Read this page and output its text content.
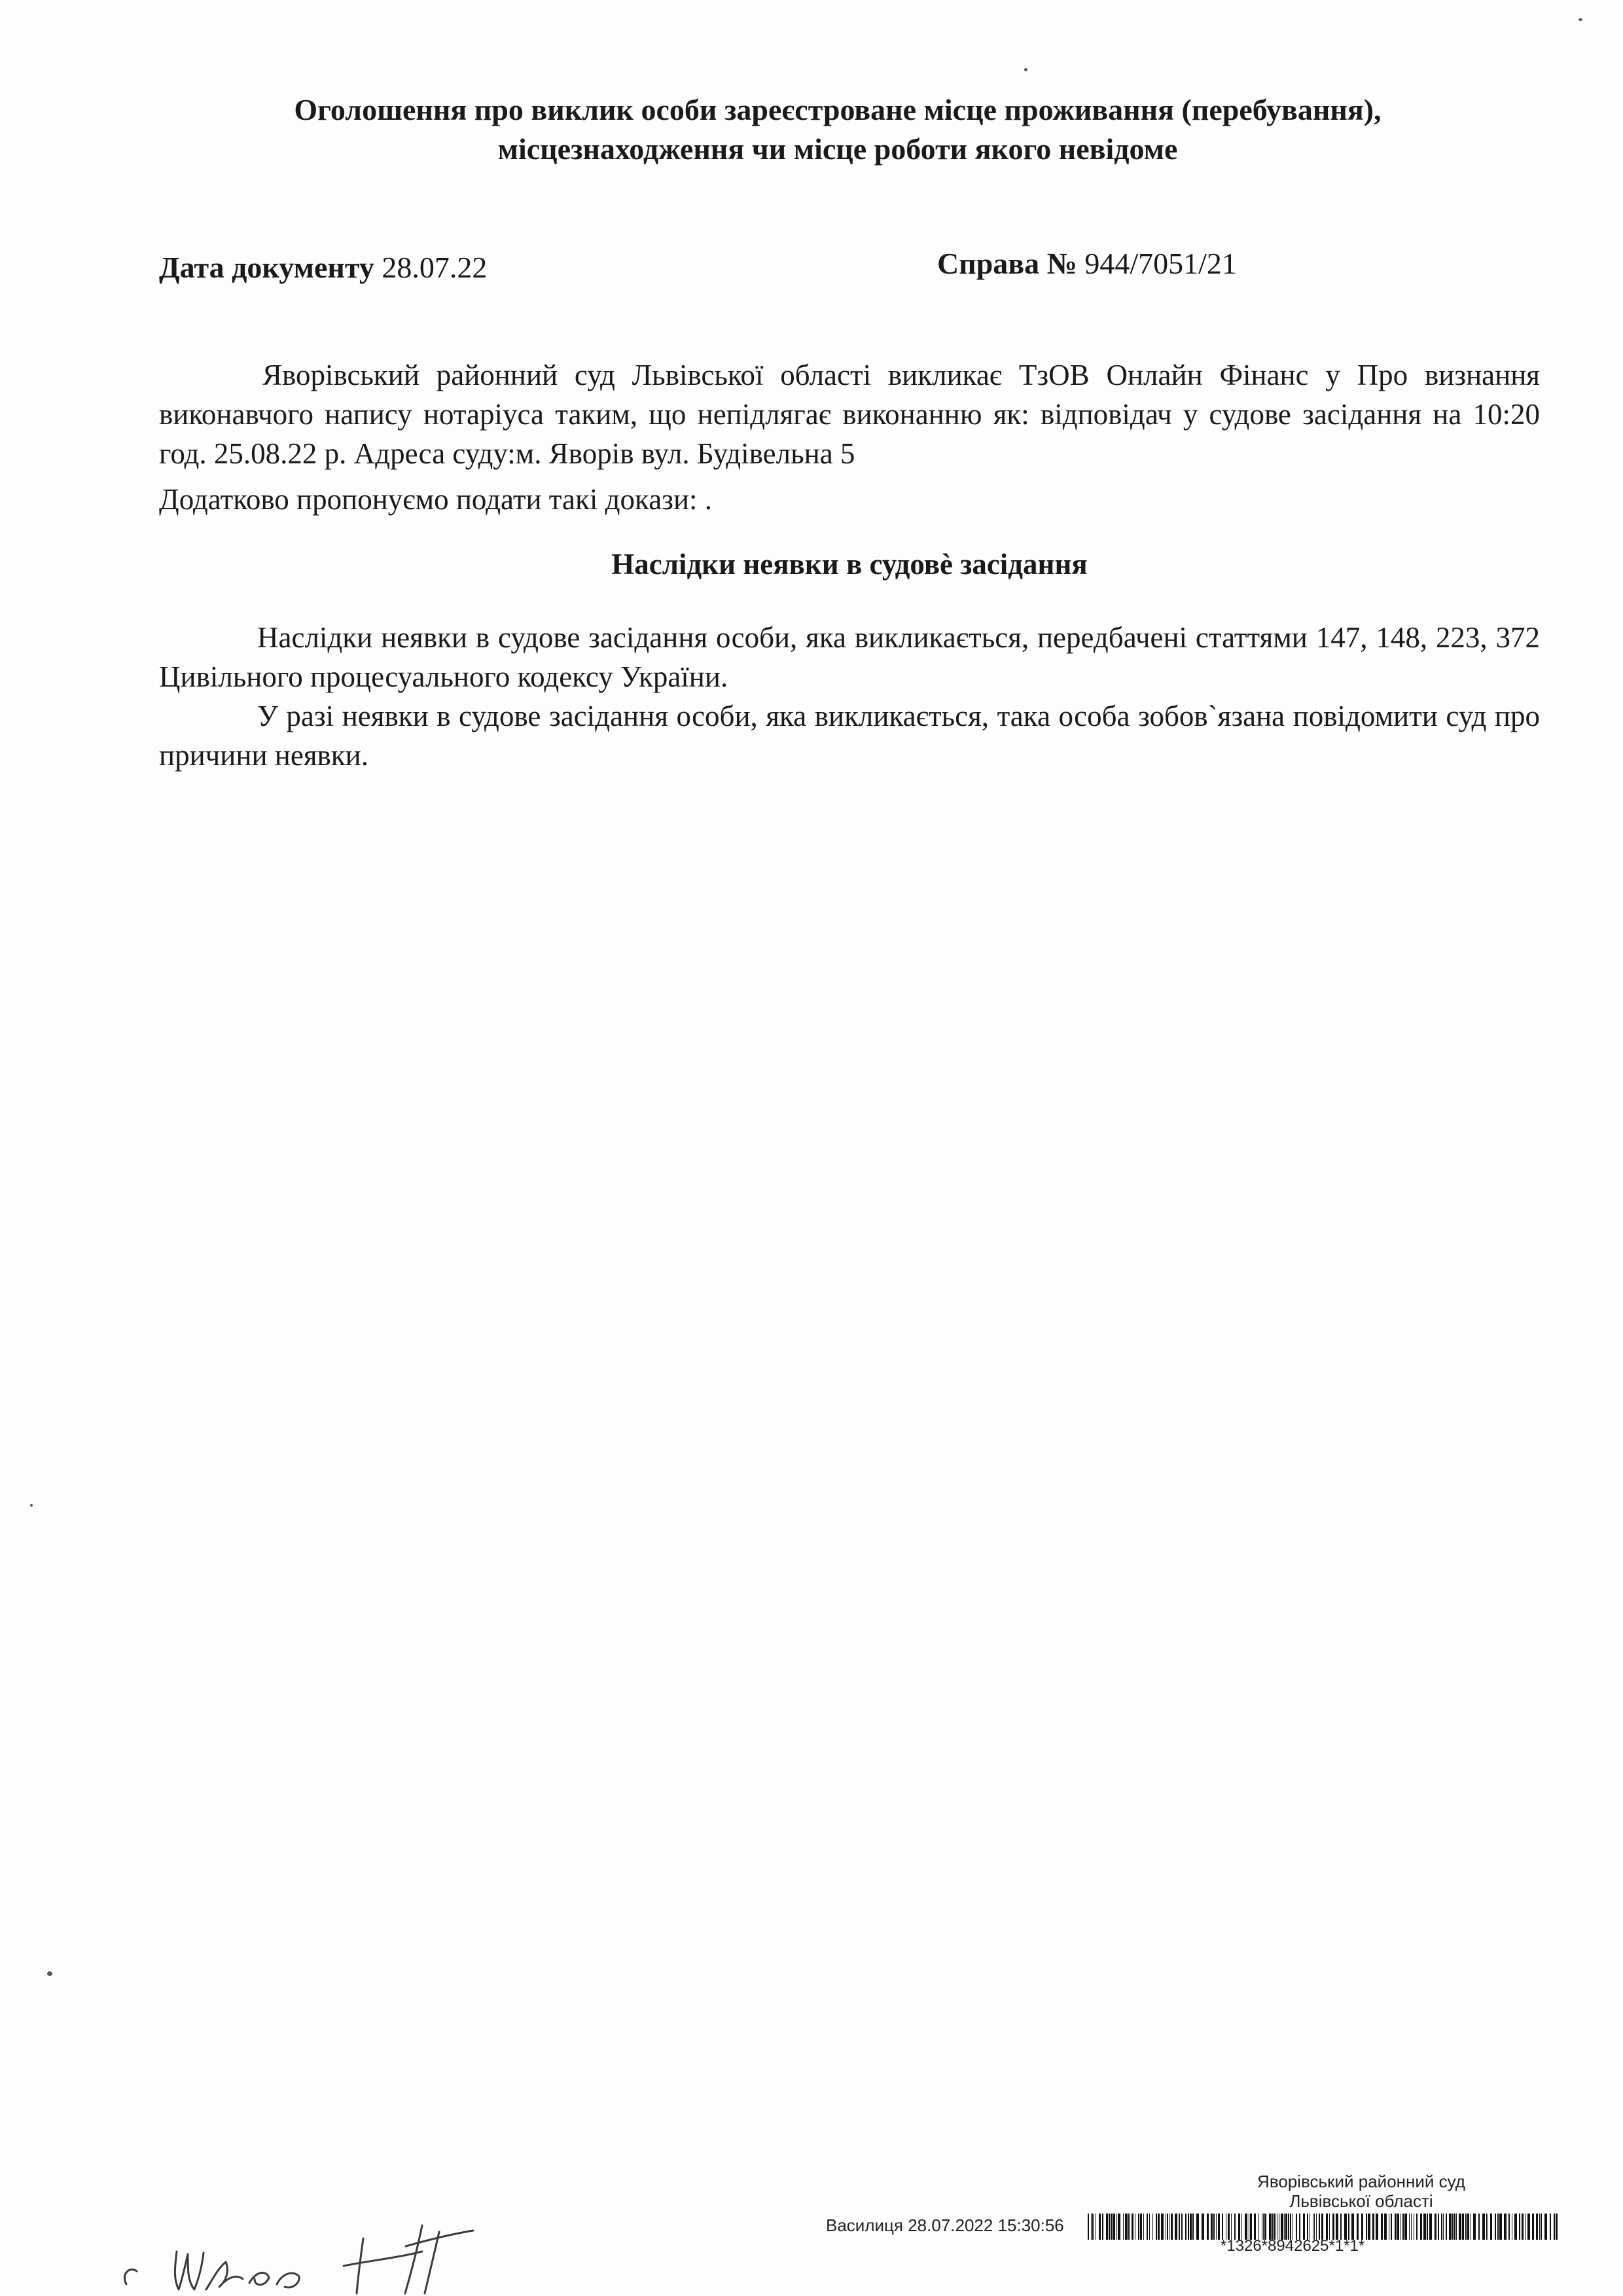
Оголошення про виклик особи зареєстроване місце проживання (перебування),
місцезнаходження чи місце роботи якого невідоме
Дата документу 28.07.22	Справа № 944/7051/21
Яворівський районний суд Львівської області викликає ТзОВ Онлайн Фінанс у Про визнання виконавчого напису нотаріуса таким, що непідлягає виконанню як: відповідач у судове засідання на 10:20 год. 25.08.22 р. Адреса суду:м. Яворів вул. Будівельна 5
Додатково пропонуємо подати такі докази: .
Наслідки неявки в судовè засідання

Наслідки неявки в судове засідання особи, яка викликається, передбачені статтями 147, 148, 223, 372 Цивільного процесуального кодексу України.

У разі неявки в судове засідання особи, яка викликається, така особа зобов`язана повідомити суд про причини неявки.

Яворівський районний суд
Львівської області
Василиця 28.07.2022 15:30:56
*1326*8942625*1*1*
